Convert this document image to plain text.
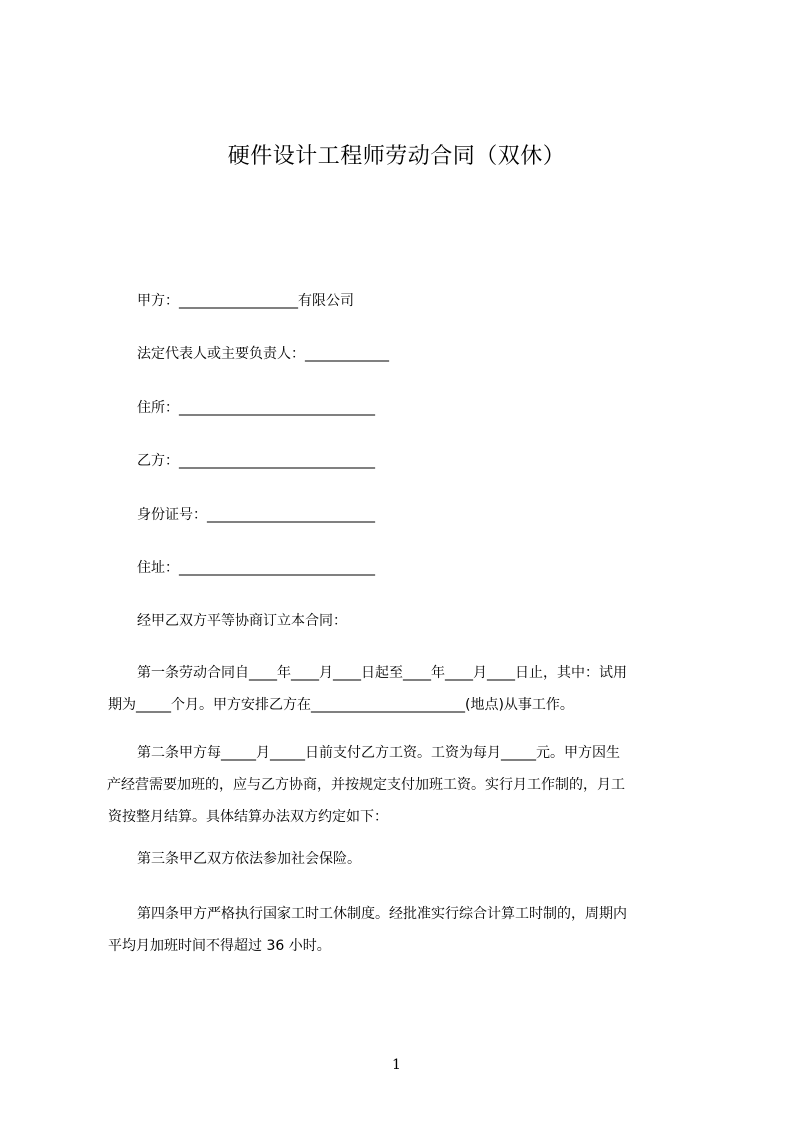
硬件设计工程师劳动合同（双休）
甲方：_________________有限公司
法定代表人或主要负责人：____________
住所：____________________________
乙方：____________________________
身份证号：________________________
住址：____________________________
经甲乙双方平等协商订立本合同：
第一条劳动合同自____年____月____日起至____年____月____日止，其中：试用
期为_____个月。甲方安排乙方在______________________(地点)从事工作。
第二条甲方每_____月_____日前支付乙方工资。工资为每月_____元。甲方因生
产经营需要加班的，应与乙方协商，并按规定支付加班工资。实行月工作制的，月工
资按整月结算。具体结算办法双方约定如下：
第三条甲乙双方依法参加社会保险。
第四条甲方严格执行国家工时工休制度。经批准实行综合计算工时制的，周期内
平均月加班时间不得超过 36 小时。
1
